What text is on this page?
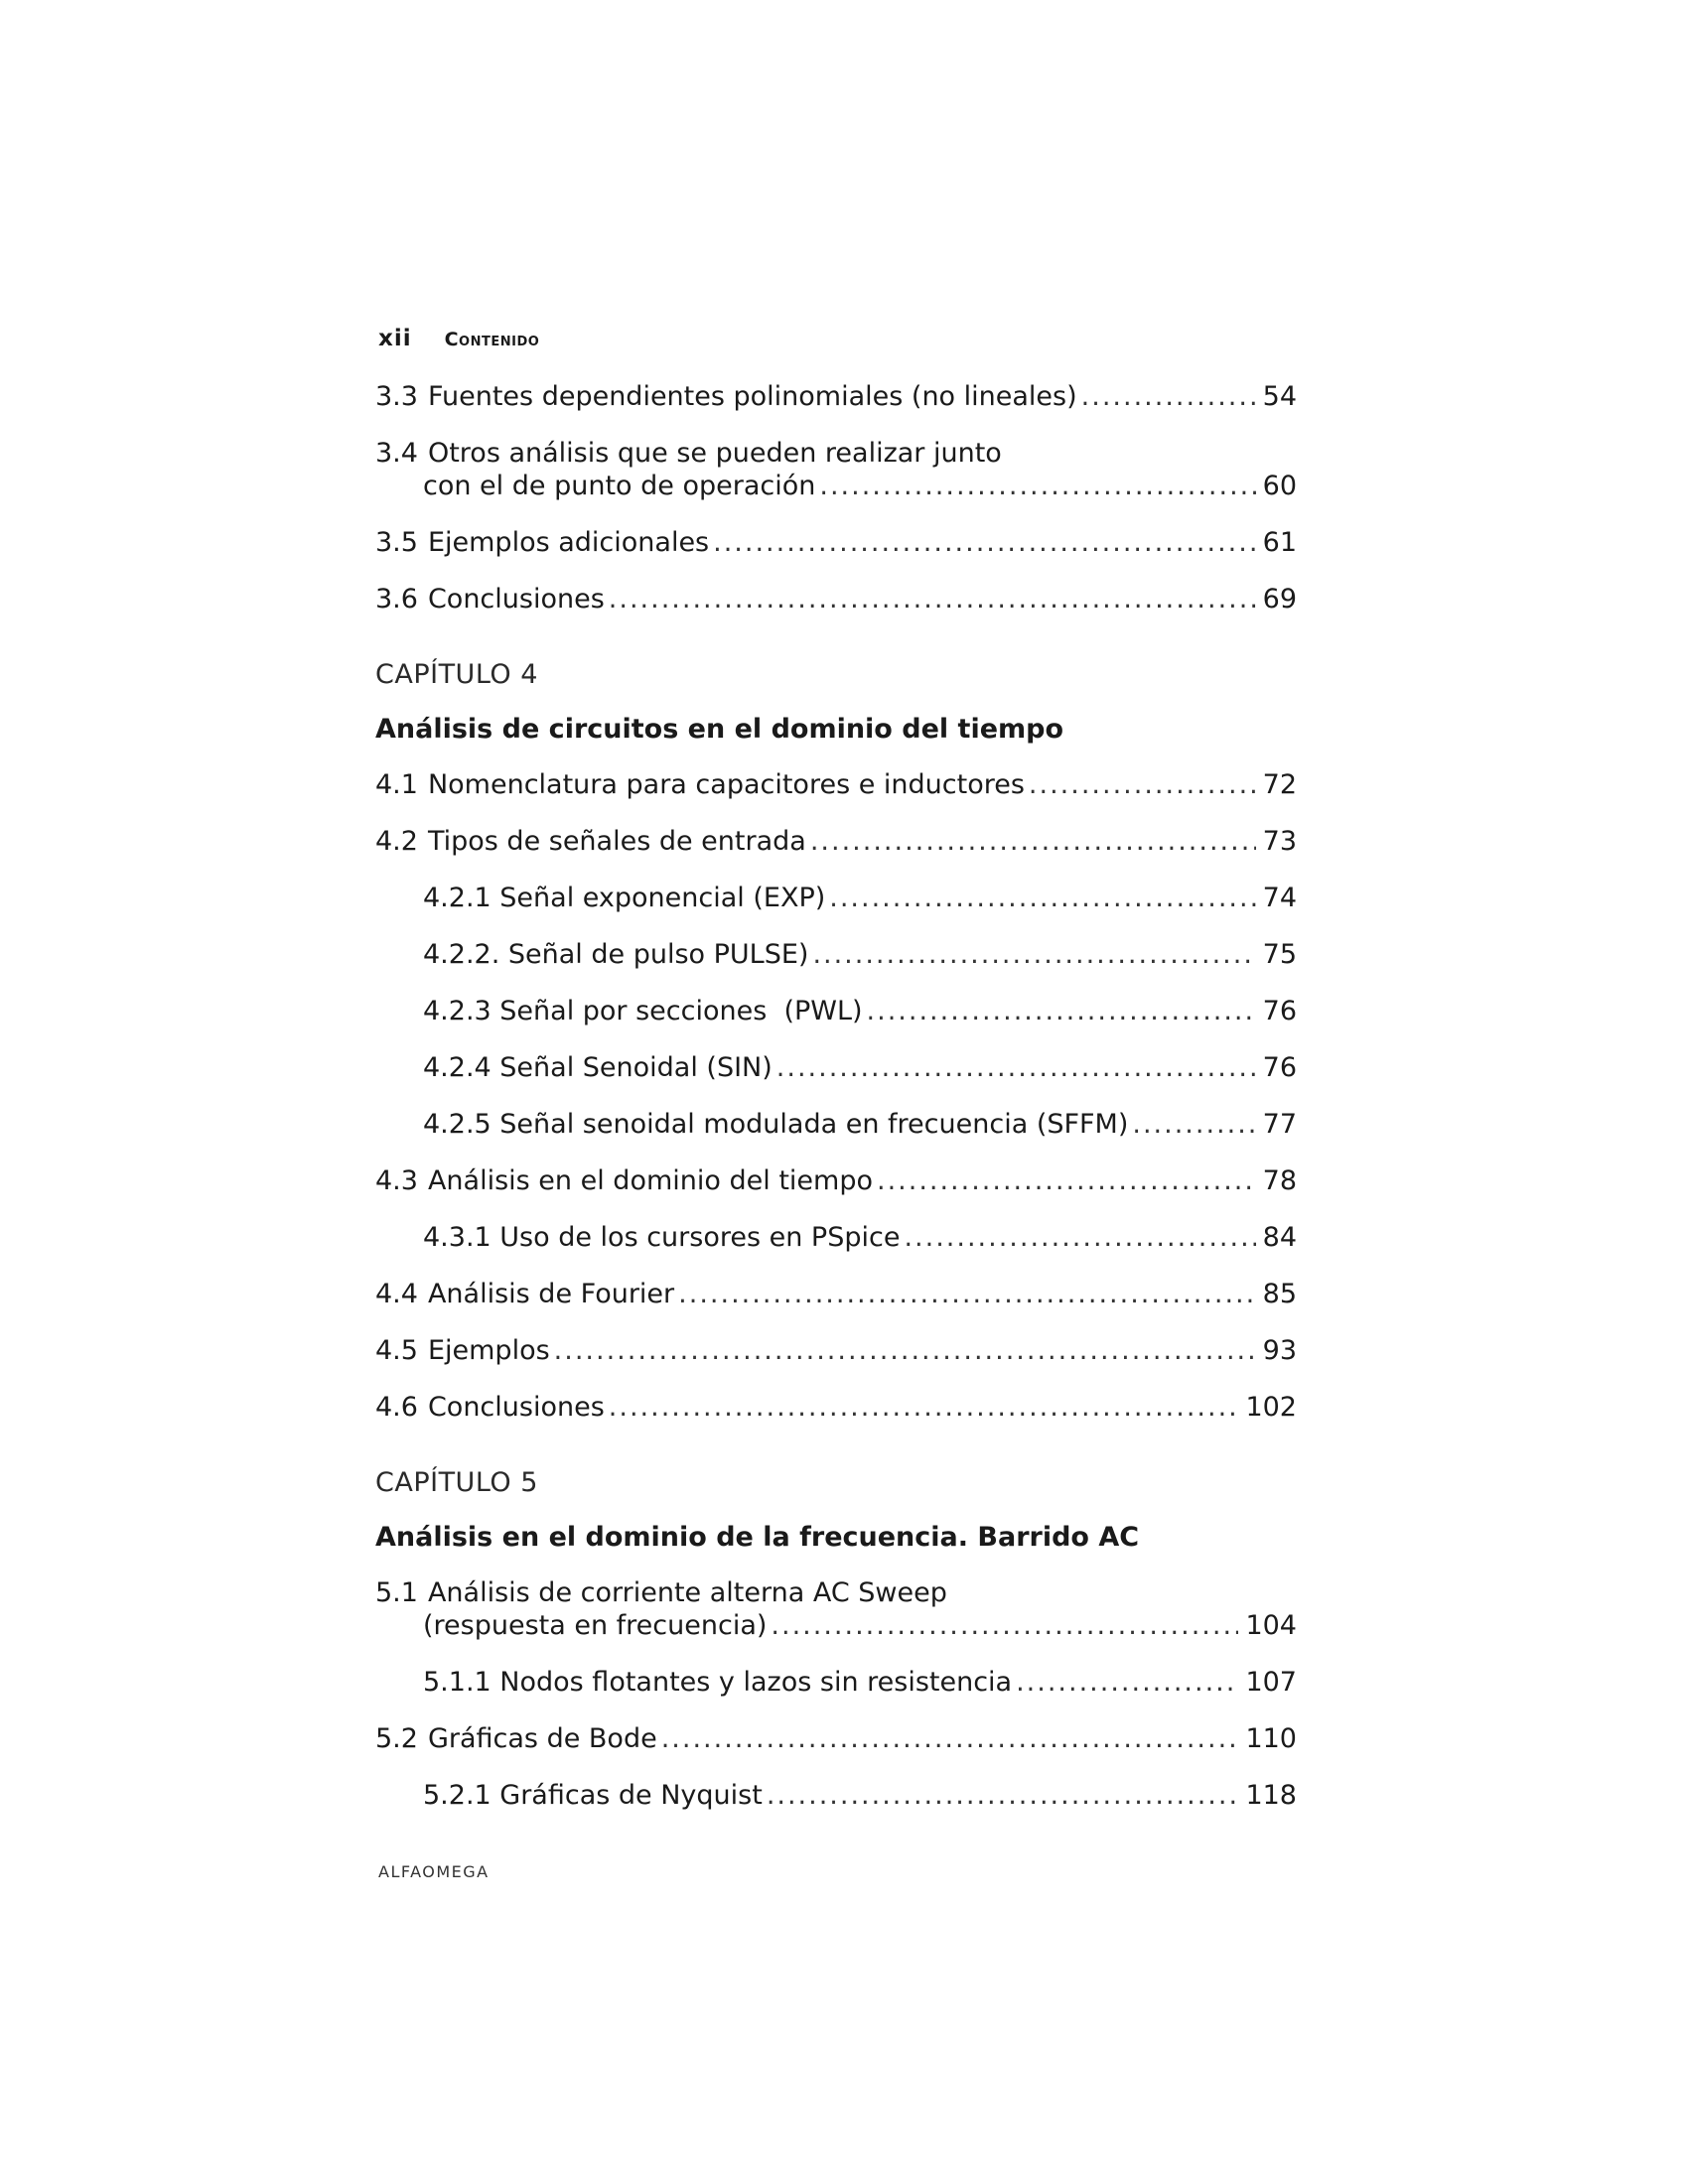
xii Contenido
3.3 Fuentes dependientes polinomiales (no lineales) .....	54
3.4 Otros análisis que se pueden realizar junto
con el de punto de operación .....	60
3.5 Ejemplos adicionales .....	61
3.6 Conclusiones .....	69
CAPÍTULO 4
Análisis de circuitos en el dominio del tiempo
4.1 Nomenclatura para capacitores e inductores .....	72
4.2 Tipos de señales de entrada .....	73
4.2.1 Señal exponencial (EXP) .....	74
4.2.2. Señal de pulso PULSE) .....	75
4.2.3 Señal por secciones  (PWL) .....	76
4.2.4 Señal Senoidal (SIN) .....	76
4.2.5 Señal senoidal modulada en frecuencia (SFFM) .....	77
4.3 Análisis en el dominio del tiempo .....	78
4.3.1 Uso de los cursores en PSpice .....	84
4.4 Análisis de Fourier .....	85
4.5 Ejemplos .....	93
4.6 Conclusiones .....	102
CAPÍTULO 5
Análisis en el dominio de la frecuencia. Barrido AC
5.1 Análisis de corriente alterna AC Sweep
(respuesta en frecuencia) .....	104
5.1.1 Nodos flotantes y lazos sin resistencia .....	107
5.2 Gráficas de Bode .....	110
5.2.1 Gráficas de Nyquist .....	118
ALFAOMEGA
